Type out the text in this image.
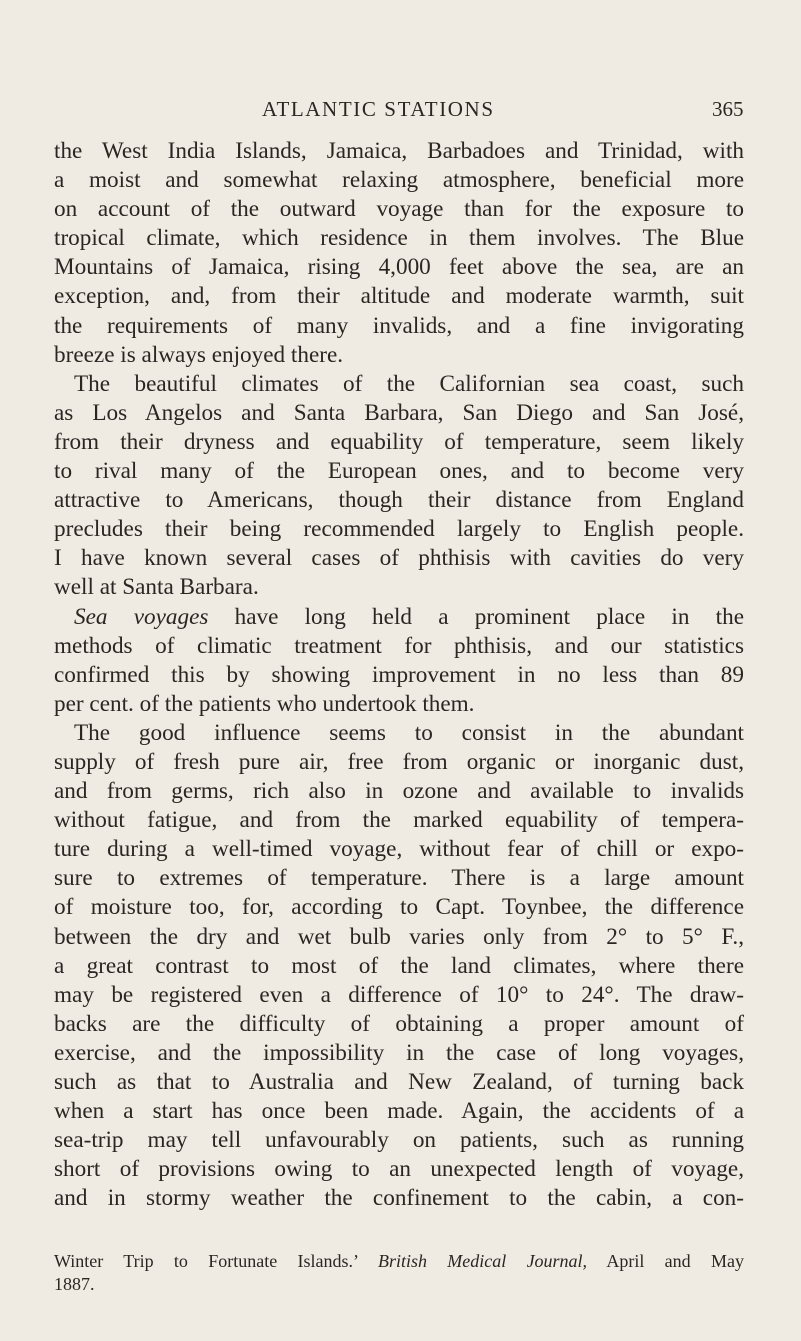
ATLANTIC STATIONS	365
the West India Islands, Jamaica, Barbadoes and Trinidad, with
a moist and somewhat relaxing atmosphere, beneficial more
on account of the outward voyage than for the exposure to
tropical climate, which residence in them involves. The Blue
Mountains of Jamaica, rising 4,000 feet above the sea, are an
exception, and, from their altitude and moderate warmth, suit
the requirements of many invalids, and a fine invigorating
breeze is always enjoyed there.
The beautiful climates of the Californian sea coast, such
as Los Angelos and Santa Barbara, San Diego and San José,
from their dryness and equability of temperature, seem likely
to rival many of the European ones, and to become very
attractive to Americans, though their distance from England
precludes their being recommended largely to English people.
I have known several cases of phthisis with cavities do very
well at Santa Barbara.
Sea voyages have long held a prominent place in the
methods of climatic treatment for phthisis, and our statistics
confirmed this by showing improvement in no less than 89
per cent. of the patients who undertook them.
The good influence seems to consist in the abundant
supply of fresh pure air, free from organic or inorganic dust,
and from germs, rich also in ozone and available to invalids
without fatigue, and from the marked equability of tempera-
ture during a well-timed voyage, without fear of chill or expo-
sure to extremes of temperature. There is a large amount
of moisture too, for, according to Capt. Toynbee, the difference
between the dry and wet bulb varies only from 2° to 5° F.,
a great contrast to most of the land climates, where there
may be registered even a difference of 10° to 24°. The draw-
backs are the difficulty of obtaining a proper amount of
exercise, and the impossibility in the case of long voyages,
such as that to Australia and New Zealand, of turning back
when a start has once been made. Again, the accidents of a
sea-trip may tell unfavourably on patients, such as running
short of provisions owing to an unexpected length of voyage,
and in stormy weather the confinement to the cabin, a con-
Winter Trip to Fortunate Islands.’ British Medical Journal, April and May
1887.
